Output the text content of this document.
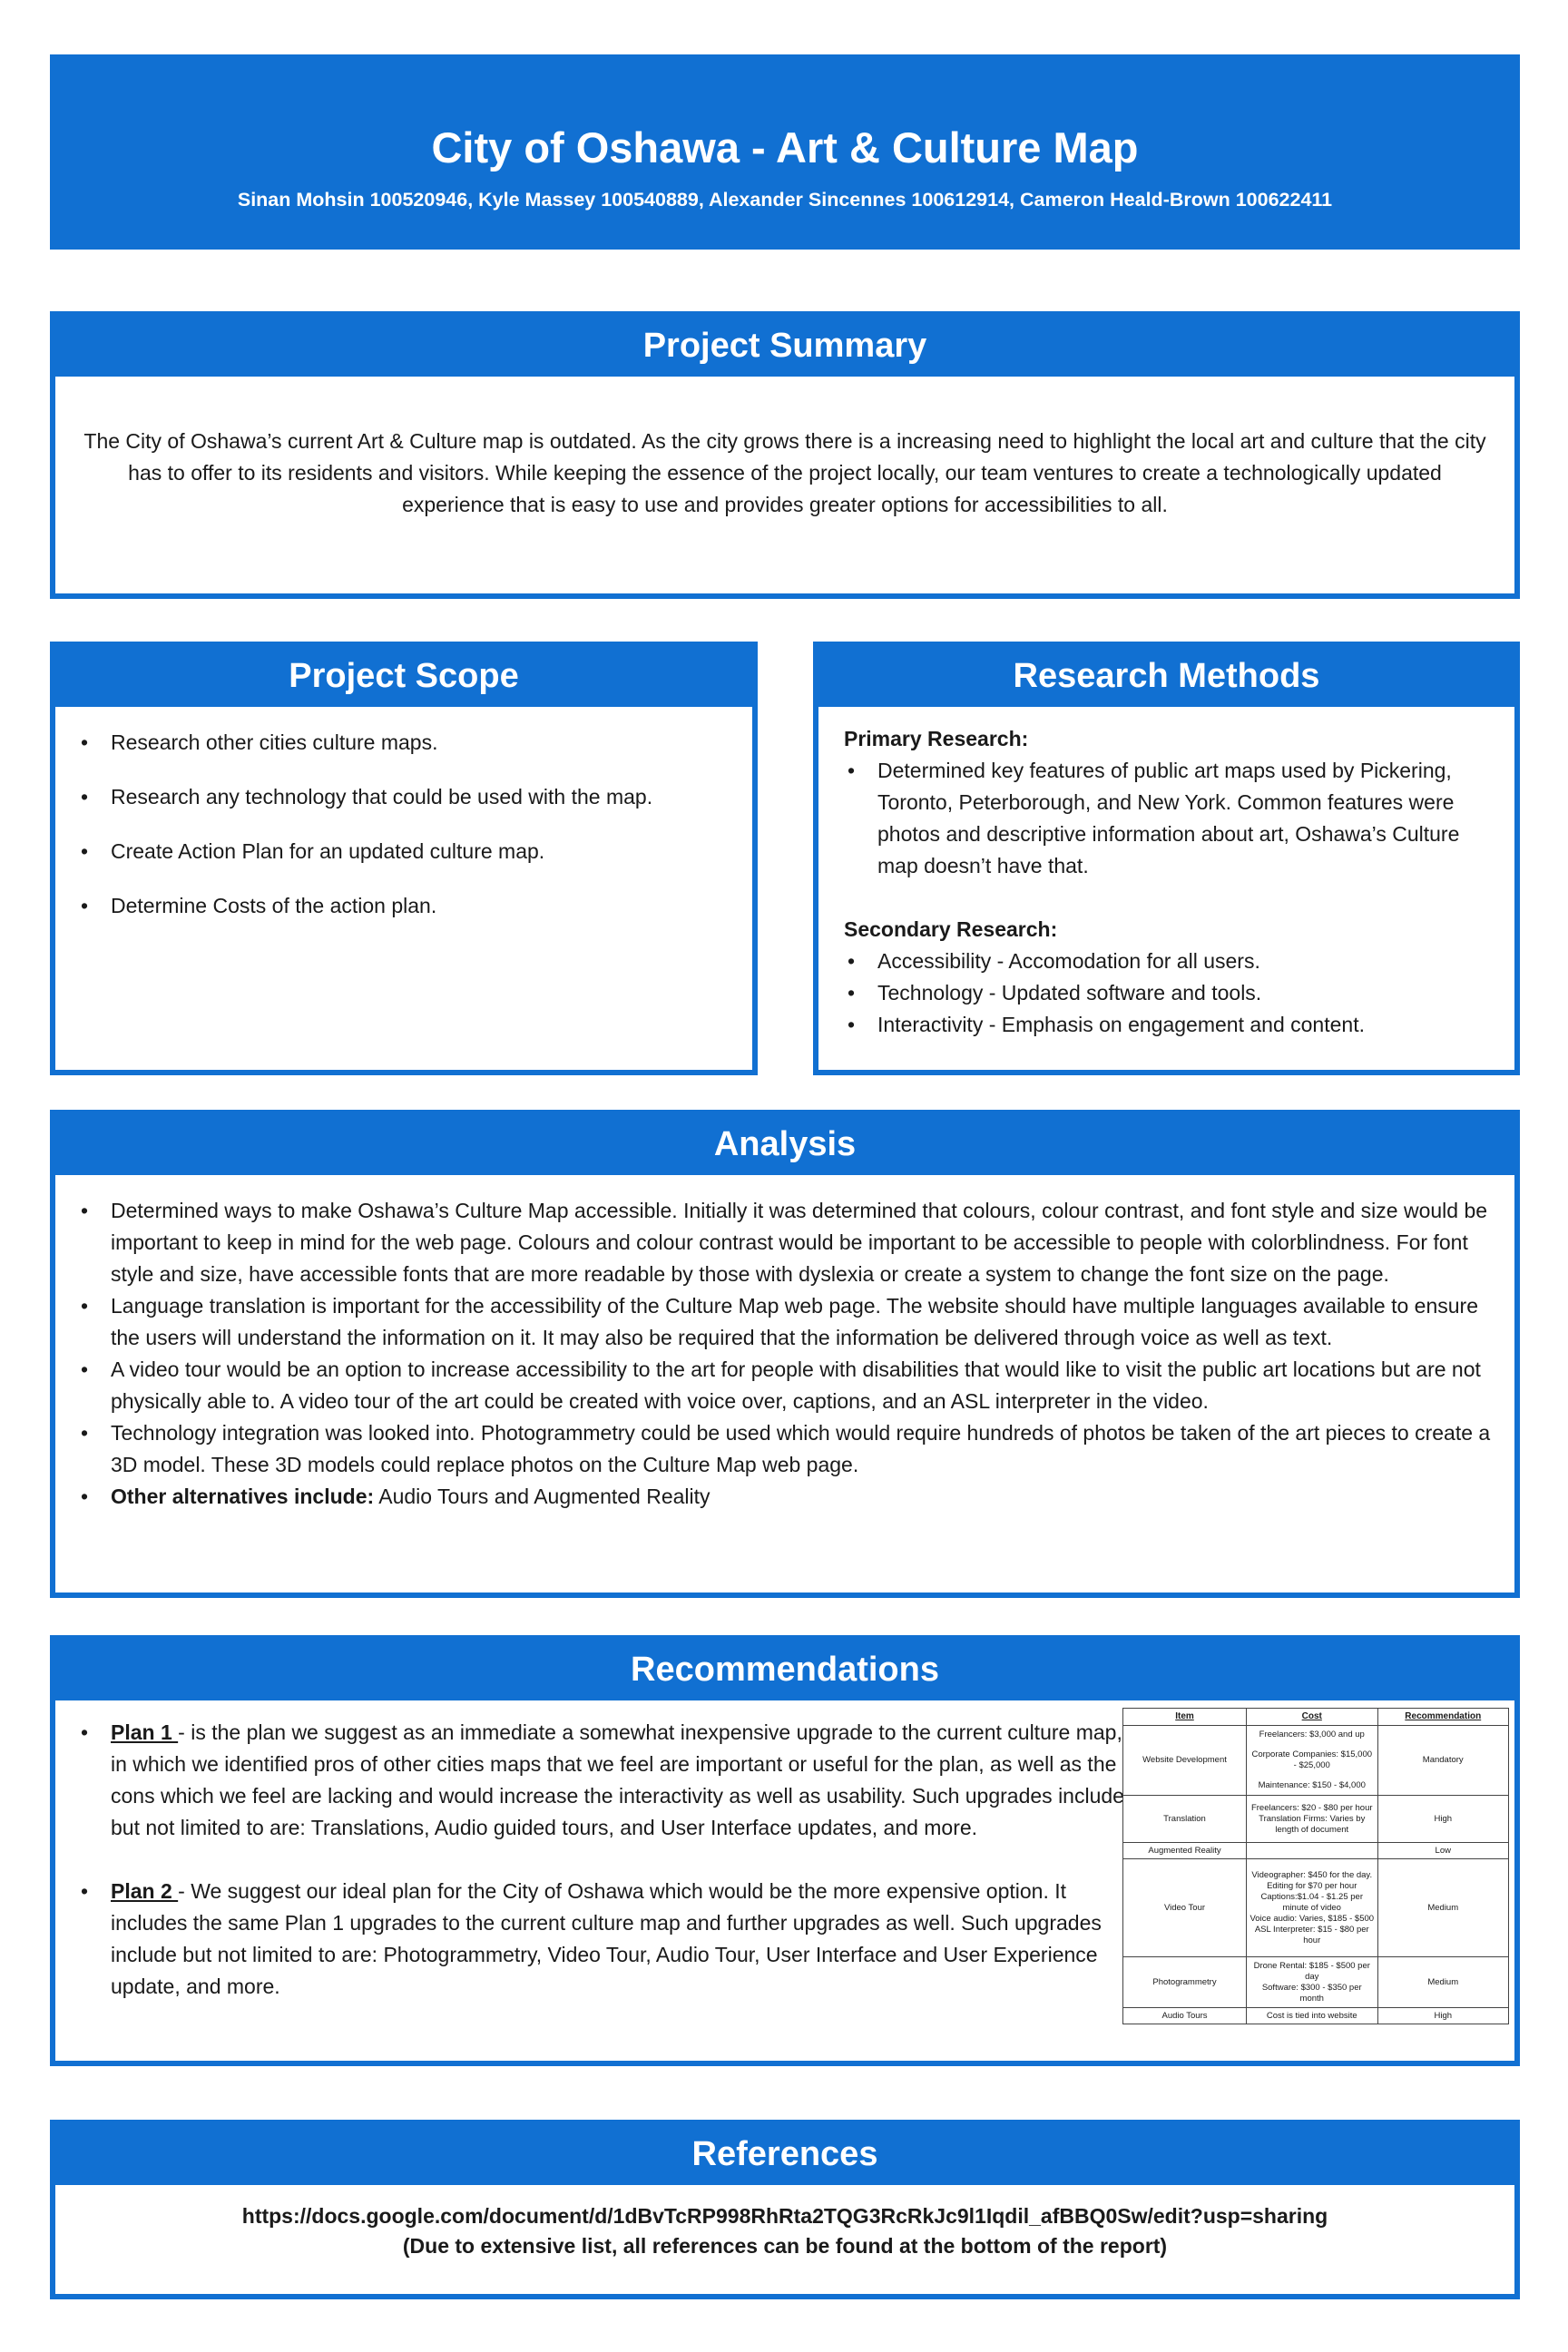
City of Oshawa - Art & Culture Map
Sinan Mohsin 100520946, Kyle Massey 100540889, Alexander Sincennes 100612914, Cameron Heald-Brown 100622411
Project Summary
The City of Oshawa’s current Art & Culture map is outdated. As the city grows there is a increasing need to highlight the local art and culture that the city has to offer to its residents and visitors. While keeping the essence of the project locally, our team ventures to create a technologically updated experience that is easy to use and provides greater options for accessibilities to all.
Project Scope
• Research other cities culture maps.
• Research any technology that could be used with the map.
• Create Action Plan for an updated culture map.
• Determine Costs of the action plan.
Research Methods
Primary Research:
• Determined key features of public art maps used by Pickering, Toronto, Peterborough, and New York. Common features were photos and descriptive information about art, Oshawa’s Culture map doesn’t have that.
Secondary Research:
• Accessibility - Accomodation for all users.
• Technology - Updated software and tools.
• Interactivity - Emphasis on engagement and content.
Analysis
• Determined ways to make Oshawa’s Culture Map accessible. Initially it was determined that colours, colour contrast, and font style and size would be important to keep in mind for the web page. Colours and colour contrast would be important to be accessible to people with colorblindness. For font style and size, have accessible fonts that are more readable by those with dyslexia or create a system to change the font size on the page.
• Language translation is important for the accessibility of the Culture Map web page. The website should have multiple languages available to ensure the users will understand the information on it. It may also be required that the information be delivered through voice as well as text.
• A video tour would be an option to increase accessibility to the art for people with disabilities that would like to visit the public art locations but are not physically able to. A video tour of the art could be created with voice over, captions, and an ASL interpreter in the video.
• Technology integration was looked into. Photogrammetry could be used which would require hundreds of photos be taken of the art pieces to create a 3D model. These 3D models could replace photos on the Culture Map web page.
• Other alternatives include: Audio Tours and Augmented Reality
Recommendations
• Plan 1 - is the plan we suggest as an immediate a somewhat inexpensive upgrade to the current culture map, in which we identified pros of other cities maps that we feel are important or useful for the plan, as well as the cons which we feel are lacking and would increase the interactivity as well as usability. Such upgrades include but not limited to are: Translations, Audio guided tours, and User Interface updates, and more.
• Plan 2 - We suggest our ideal plan for the City of Oshawa which would be the more expensive option. It includes the same Plan 1 upgrades to the current culture map and further upgrades as well. Such upgrades include but not limited to are: Photogrammetry, Video Tour, Audio Tour, User Interface and User Experience update, and more.
Item	Cost	Recommendation
Website Development	Freelancers: $3,000 and up
Corporate Companies: $15,000 - $25,000
Maintenance: $150 - $4,000	Mandatory
Translation	Freelancers: $20 - $80 per hour
Translation Firms: Varies by length of document	High
Augmented Reality		Low
Video Tour	Videographer: $450 for the day. Editing for $70 per hour
Captions:$1.04 - $1.25 per minute of video
Voice audio: Varies, $185 - $500
ASL Interpreter: $15 - $80 per hour	Medium
Photogrammetry	Drone Rental: $185 - $500 per day
Software: $300 - $350 per month	Medium
Audio Tours	Cost is tied into website	High
References
https://docs.google.com/document/d/1dBvTcRP998RhRta2TQG3RcRkJc9l1Iqdil_afBBQ0Sw/edit?usp=sharing
(Due to extensive list, all references can be found at the bottom of the report)
